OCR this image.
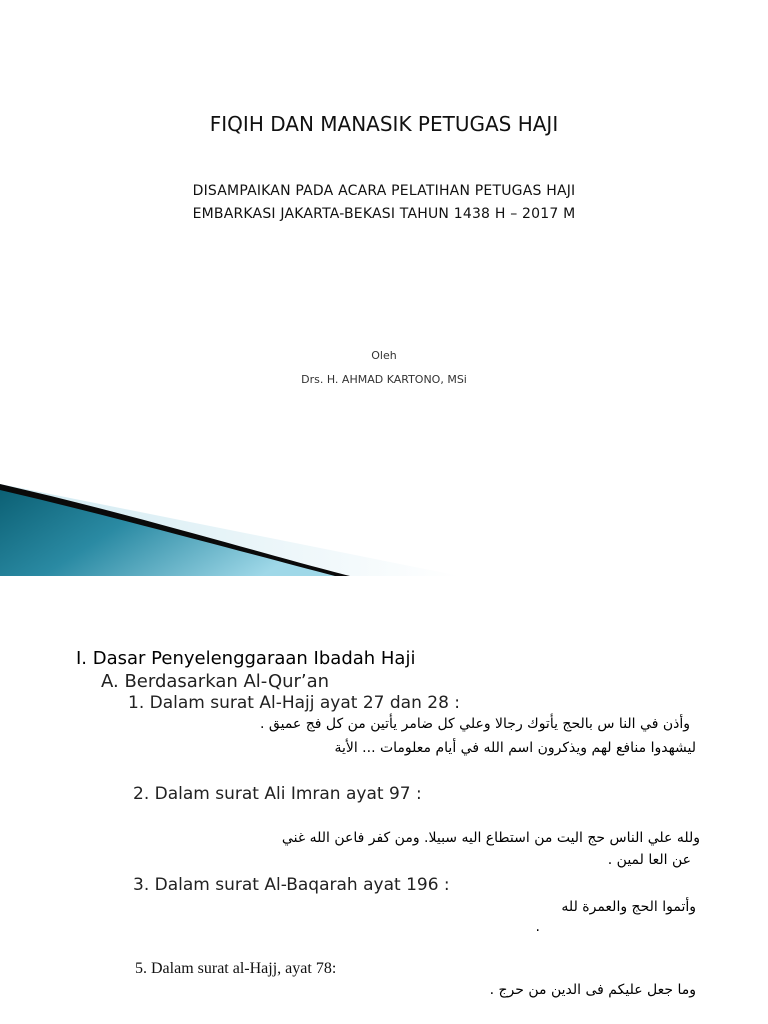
FIQIH DAN MANASIK PETUGAS HAJI
DISAMPAIKAN PADA ACARA PELATIHAN PETUGAS HAJI
EMBARKASI JAKARTA-BEKASI TAHUN 1438 H – 2017 M
Oleh
Drs. H. AHMAD KARTONO, MSi
I. Dasar Penyelenggaraan Ibadah Haji
A. Berdasarkan Al-Qur’an
1. Dalam surat Al-Hajj ayat 27 dan 28 :
وأذن في النا س بالحج يأتوك رجالا وعلي كل ضامر يأتين من كل فج عميق .
ليشهدوا منافع لهم ويذكرون اسم الله في أيام معلومات ... الأية
2. Dalam surat Ali Imran ayat 97 :
ولله علي الناس حج اليت من استطاع اليه سبيلا. ومن كفر فاعن الله غني
عن العا لمين .
3. Dalam surat Al-Baqarah ayat 196 :
وأتموا الحج والعمرة لله
.
5. Dalam surat al-Hajj, ayat 78:
وما جعل عليكم فى الدين من حرج .
